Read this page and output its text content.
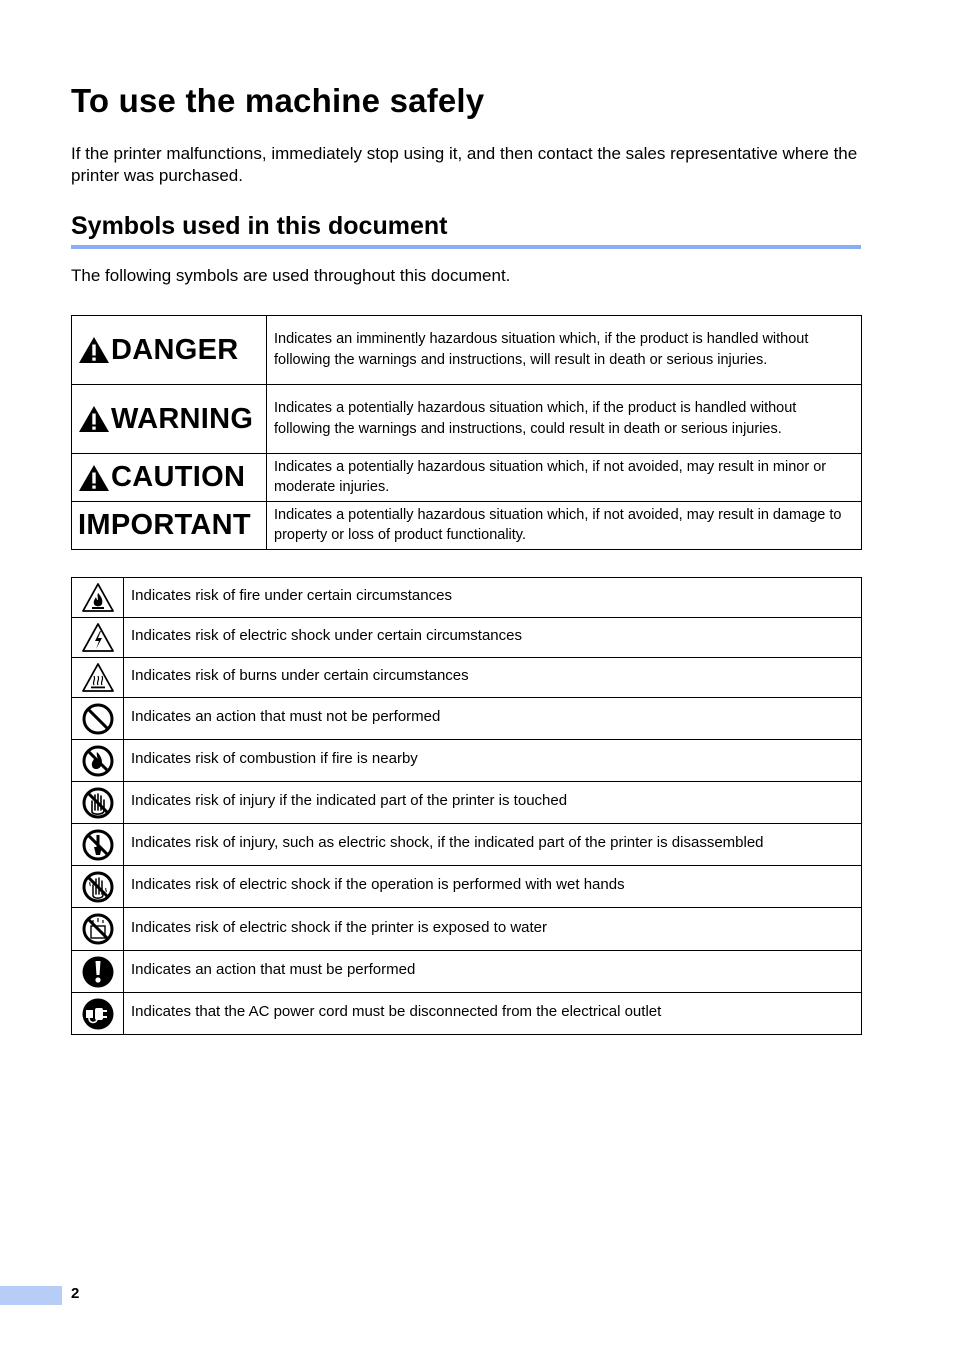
To use the machine safely

If the printer malfunctions, immediately stop using it, and then contact the sales representative where the printer was purchased.

Symbols used in this document

The following symbols are used throughout this document.

DANGER	Indicates an imminently hazardous situation which, if the product is handled without following the warnings and instructions, will result in death or serious injuries.

WARNING	Indicates a potentially hazardous situation which, if the product is handled without following the warnings and instructions, could result in death or serious injuries.

CAUTION	Indicates a potentially hazardous situation which, if not avoided, may result in minor or moderate injuries.

IMPORTANT	Indicates a potentially hazardous situation which, if not avoided, may result in damage to property or loss of product functionality.
	Indicates risk of fire under certain circumstances

	Indicates risk of electric shock under certain circumstances

	Indicates risk of burns under certain circumstances

	Indicates an action that must not be performed

	Indicates risk of combustion if fire is nearby

	Indicates risk of injury if the indicated part of the printer is touched

	Indicates risk of injury, such as electric shock, if the indicated part of the printer is disassembled

	Indicates risk of electric shock if the operation is performed with wet hands

	Indicates risk of electric shock if the printer is exposed to water

	Indicates an action that must be performed

	Indicates that the AC power cord must be disconnected from the electrical outlet
2
